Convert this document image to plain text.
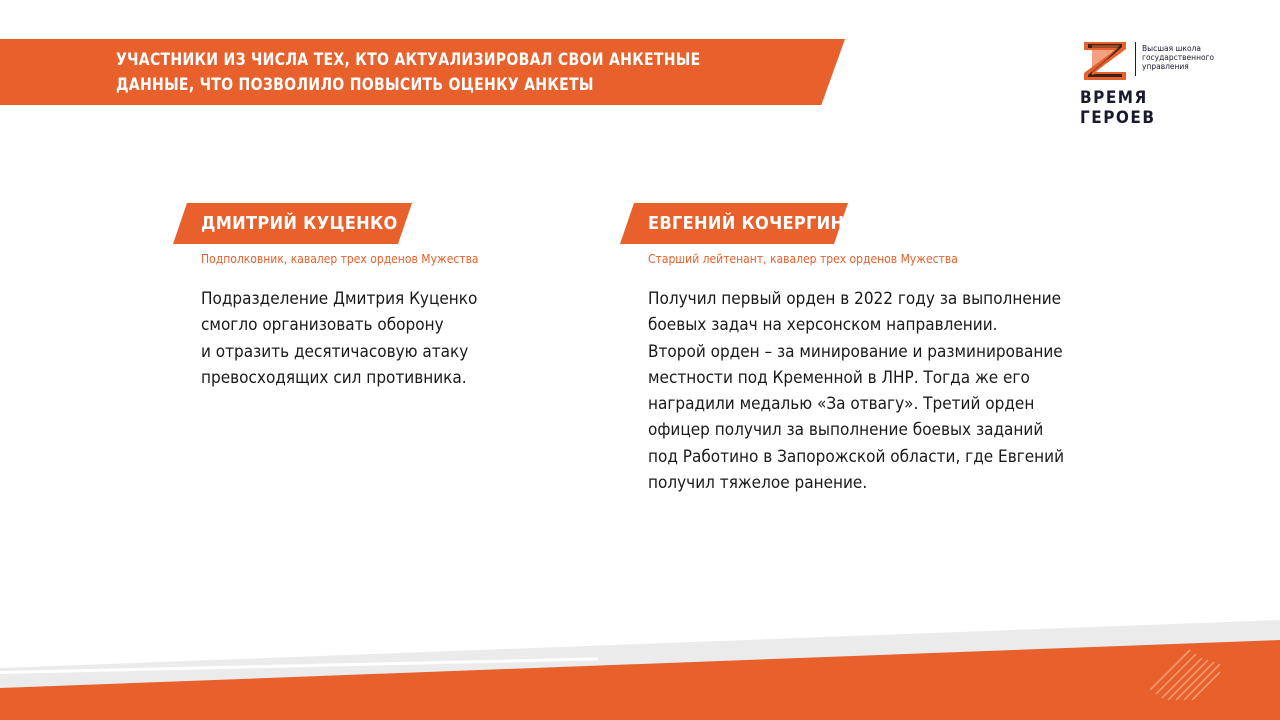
УЧАСТНИКИ ИЗ ЧИСЛА ТЕХ, КТО АКТУАЛИЗИРОВАЛ СВОИ АНКЕТНЫЕ ДАННЫЕ, ЧТО ПОЗВОЛИЛО ПОВЫСИТЬ ОЦЕНКУ АНКЕТЫ
Высшая школа государственного управления
ВРЕМЯ ГЕРОЕВ
ДМИТРИЙ КУЦЕНКО
Подполковник, кавалер трех орденов Мужества
Подразделение Дмитрия Куценко
смогло организовать оборону
и отразить десятичасовую атаку
превосходящих сил противника.
ЕВГЕНИЙ КОЧЕРГИН
Старший лейтенант, кавалер трех орденов Мужества
Получил первый орден в 2022 году за выполнение
боевых задач на херсонском направлении.
Второй орден – за минирование и разминирование
местности под Кременной в ЛНР. Тогда же его
наградили медалью «За отвагу». Третий орден
офицер получил за выполнение боевых заданий
под Работино в Запорожской области, где Евгений
получил тяжелое ранение.
